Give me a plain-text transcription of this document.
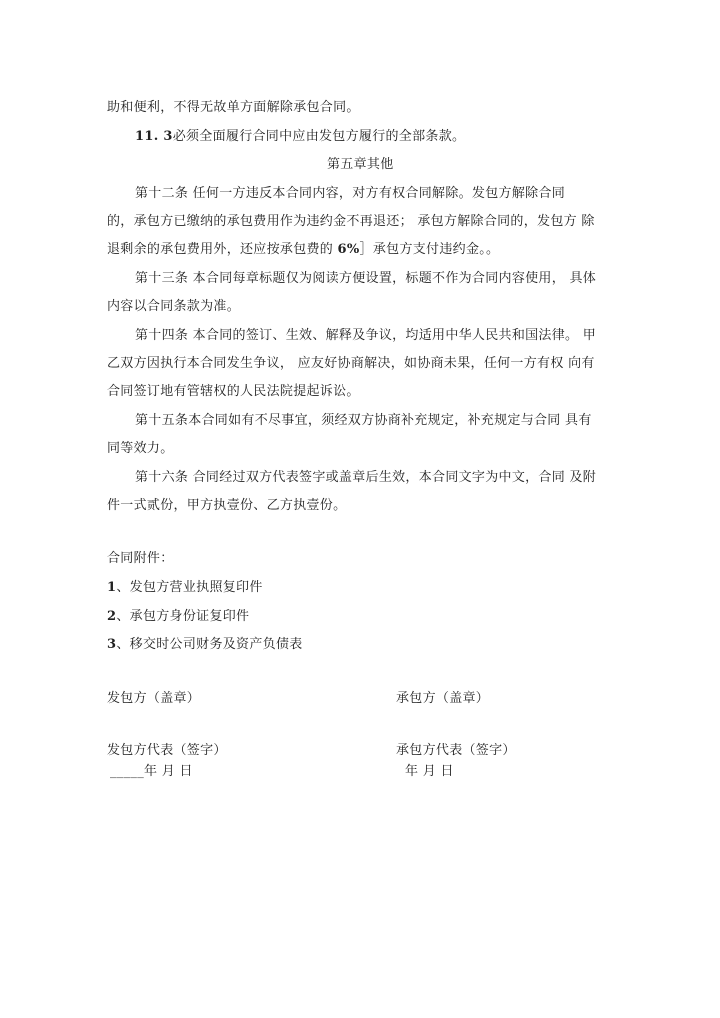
助和便利，不得无故单方面解除承包合同。
11. 3必须全面履行合同中应由发包方履行的全部条款。
第五章其他
第十二条 任何一方违反本合同内容，对方有权合同解除。发包方解除合同
的，承包方已缴纳的承包费用作为违约金不再退还； 承包方解除合同的，发包方 除
退剩余的承包费用外，还应按承包费的 6%］承包方支付违约金。。
第十三条 本合同每章标题仅为阅读方便设置，标题不作为合同内容使用， 具体
内容以合同条款为准。
第十四条 本合同的签订、生效、解释及争议，均适用中华人民共和国法律。 甲
乙双方因执行本合同发生争议， 应友好协商解决，如协商未果，任何一方有权 向有
合同签订地有管辖权的人民法院提起诉讼。
第十五条本合同如有不尽事宜，须经双方协商补充规定，补充规定与合同 具有
同等效力。
第十六条 合同经过双方代表签字或盖章后生效，本合同文字为中文，合同 及附
件一式贰份，甲方执壹份、乙方执壹份。
合同附件：
1、发包方营业执照复印件
2、承包方身份证复印件
3、移交时公司财务及资产负债表
发包方（盖章）	承包方（盖章）
发包方代表（签字）	承包方代表（签字）
_____年 月 日	年 月 日
